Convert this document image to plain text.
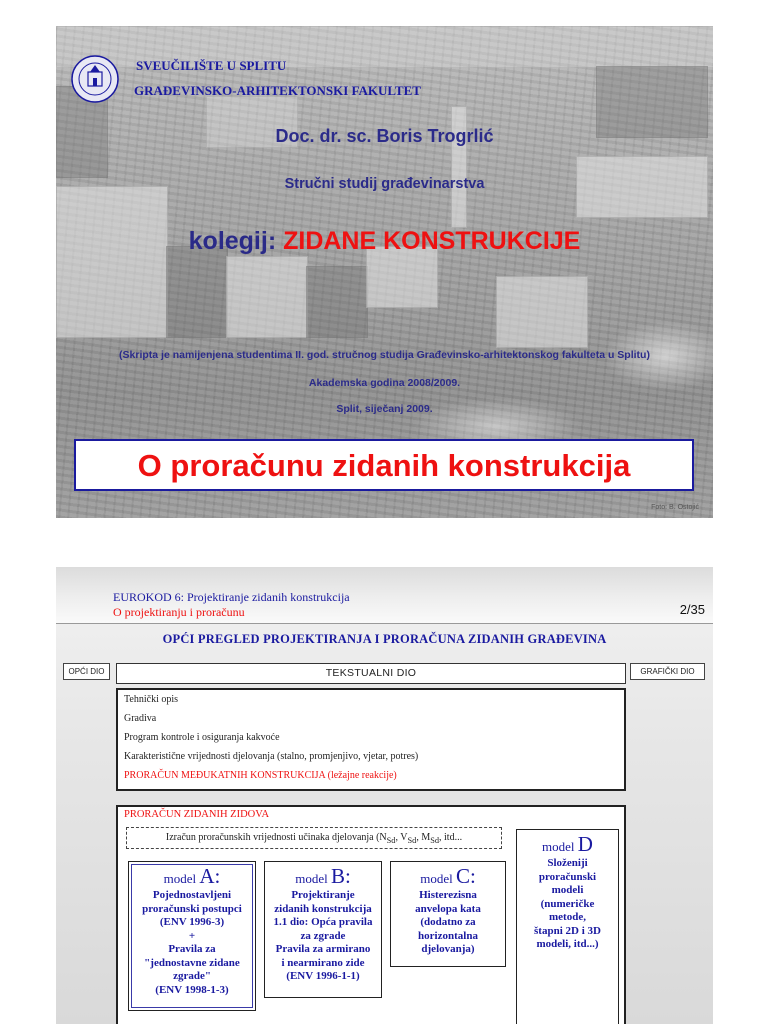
SVEUČILIŠTE U SPLITU
GRAĐEVINSKO-ARHITEKTONSKI FAKULTET
Doc. dr. sc. Boris Trogrlić
Stručni studij građevinarstva
kolegij: ZIDANE KONSTRUKCIJE
(Skripta je namijenjena studentima II. god. stručnog studija Građevinsko-arhitektonskog fakulteta u Splitu)
Akademska godina 2008/2009.
Split, siječanj 2009.
O proračunu zidanih konstrukcija
Foto: B. Ostojić
EUROKOD 6: Projektiranje zidanih konstrukcija
O projektiranju i proračunu	2/35
OPĆI PREGLED PROJEKTIRANJA I PRORAČUNA ZIDANIH GRAĐEVINA
OPĆI DIO	TEKSTUALNI DIO	GRAFIČKI DIO
Tehnički opis
Gradiva
Program kontrole i osiguranja kakvoće
Karakteristične vrijednosti djelovanja (stalno, promjenjivo, vjetar, potres)
PRORAČUN MEĐUKATNIH KONSTRUKCIJA (ležajne reakcije)
PRORAČUN ZIDANIH ZIDOVA
Izračun proračunskih vrijednosti učinaka djelovanja ($N_{Sd}$, $V_{Sd}$, $M_{Sd}$, itd...
model A:
Pojednostavljeni
proračunski postupci
(ENV 1996-3)
+
Pravila za
"jednostavne zidane
zgrade"
(ENV 1998-1-3)
model B:
Projektiranje
zidanih konstrukcija
1.1 dio: Opća pravila
za zgrade
Pravila za armirano
i nearmirano zide
(ENV 1996-1-1)
model C:
Histerezisna
anvelopa kata
(dodatno za
horizontalna
djelovanja)
model D
Složeniji
proračunski
modeli
(numeričke
metode,
štapni 2D i 3D
modeli, itd...)
